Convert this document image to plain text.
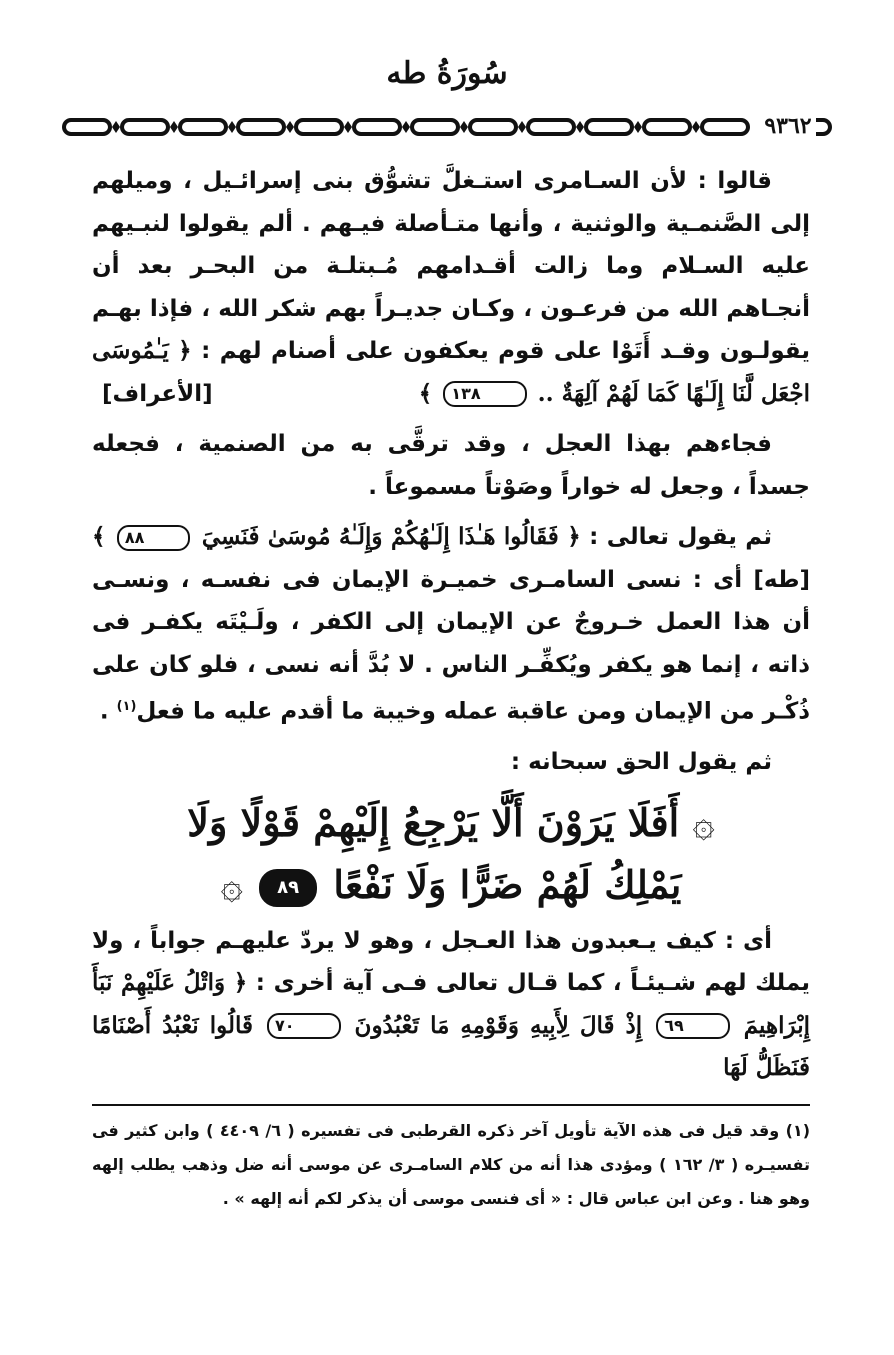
سُورَةُ طه
٩٣٦٢

قالوا : لأن السـامرى استـغلَّ تشوُّق بنى إسرائـيل ، وميلهم إلى الصَّنمـية والوثنية ، وأنها متـأصلة فيـهم . ألم يقولوا لنبـيهم عليه السـلام وما زالت أقـدامهم مُـبتلـة من البحـر بعد أن أنجـاهم الله من فرعـون ، وكـان جديـراً بهم شكر الله ، فإذا بهـم يقولـون وقـد أَتَوْا على قوم يعكفون على أصنام لهم : ﴿ يَـٰمُوسَى اجْعَل لَّنَا إِلَـٰهًا كَمَا لَهُمْ آلِهَةٌ .. ١٣٨ ﴾
[الأعراف]

فجاءهم بهذا العجل ، وقد ترقَّى به من الصنمية ، فجعله جسداً ، وجعل له خواراً وصَوْتاً مسموعاً .

ثم يقول تعالى : ﴿ فَقَالُوا هَـٰذَا إِلَـٰهُكُمْ وَإِلَـٰهُ مُوسَىٰ فَنَسِيَ ٨٨ ﴾ [طه] أى : نسى السامـرى خميـرة الإيمان فى نفسـه ، ونسـى أن هذا العمل خـروجٌ عن الإيمان إلى الكفر ، ولَـيْتَه يكفـر فى ذاته ، إنما هو يكفر ويُكفِّـر الناس . لا بُدَّ أنه نسى ، فلو كان على ذُكْـر من الإيمان ومن عاقبة عمله وخيبة ما أقدم عليه ما فعل$^{(١)}$ .

ثم يقول الحق سبحانه :

۞ أَفَلَا يَرَوْنَ أَلَّا يَرْجِعُ إِلَيْهِمْ قَوْلًا وَلَا
يَمْلِكُ لَهُمْ ضَرًّا وَلَا نَفْعًا ٨٩ ۞

أى : كيف يـعبدون هذا العـجل ، وهو لا يردّ عليهـم جواباً ، ولا يملك لهم شـيئـاً ، كما قـال تعالى فـى آية أخرى : ﴿ وَاتْلُ عَلَيْهِمْ نَبَأَ إِبْرَاهِيمَ ٦٩ إِذْ قَالَ لِأَبِيهِ وَقَوْمِهِ مَا تَعْبُدُونَ ٧٠ قَالُوا نَعْبُدُ أَصْنَامًا فَنَظَلُّ لَهَا

(١) وقد قيل فى هذه الآية تأويل آخر ذكره القرطبى فى تفسيره ( ٦/ ٤٤٠٩ ) وابن كثير فى تفسيـره ( ٣/ ١٦٢ ) ومؤدى هذا أنه من كلام السامـرى عن موسى أنه ضل وذهب يطلب إلهه وهو هنا . وعن ابن عباس قال : « أى فنسى موسى أن يذكر لكم أنه إلهه » .
